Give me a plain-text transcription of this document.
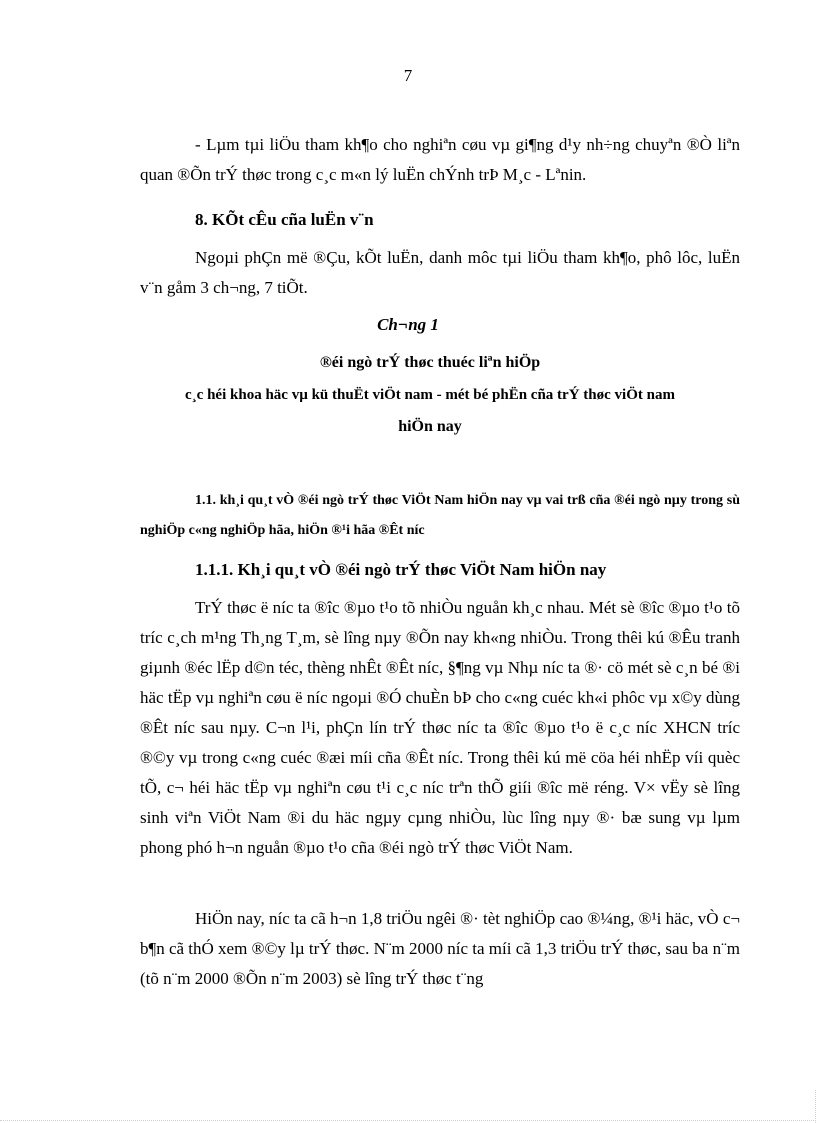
7
- Lµm tµi liÖu tham kh¶o cho nghiªn cøu vµ gi¶ng d¹y nh÷ng chuyªn ®Ò liªn quan ®Õn trÝ thøc trong c¸c m«n lý luËn chÝnh trÞ M¸c - Lªnin.
8. KÕt cÊu cña luËn v¨n
Ngoµi phÇn më ®Çu, kÕt luËn, danh môc tµi liÖu tham kh¶o, phô lôc, luËn v¨n gåm 3 ch¬ng, 7 tiÕt.
Ch¬ng 1
®éi ngò trÝ thøc thuéc liªn hiÖp
c¸c héi khoa häc vµ kü thuËt viÖt nam - mét bé phËn cña trÝ thøc viÖt nam
hiÖn nay
1.1. kh¸i qu¸t vÒ ®éi ngò trÝ thøc ViÖt Nam hiÖn nay vµ vai trß cña ®éi ngò nµy trong sù nghiÖp c«ng nghiÖp hãa, hiÖn ®¹i hãa ®Êt níc
1.1.1. Kh¸i qu¸t vÒ ®éi ngò trÝ thøc ViÖt Nam hiÖn nay
TrÝ thøc ë níc ta ®îc ®µo t¹o tõ nhiÒu nguån kh¸c nhau. Mét sè ®îc ®µo t¹o tõ tríc c¸ch m¹ng Th¸ng T¸m, sè lîng nµy ®Õn nay kh«ng nhiÒu. Trong thêi kú ®Êu tranh giµnh ®éc lËp d©n téc, thèng nhÊt ®Êt níc, §¶ng vµ Nhµ níc ta ®· cö mét sè c¸n bé ®i häc tËp vµ nghiªn cøu ë níc ngoµi ®Ó chuÈn bÞ cho c«ng cuéc kh«i phôc vµ x©y dùng ®Êt níc sau nµy. C¬n l¹i, phÇn lín trÝ thøc níc ta ®îc ®µo t¹o ë c¸c níc XHCN tríc ®©y vµ trong c«ng cuéc ®æi míi cña ®Êt níc. Trong thêi kú më cöa héi nhËp víi quèc tÕ, c¬ héi häc tËp vµ nghiªn cøu t¹i c¸c níc trªn thÕ giíi ®îc më réng. V× vËy sè lîng sinh viªn ViÖt Nam ®i du häc ngµy cµng nhiÒu, lùc lîng nµy ®· bæ sung vµ lµm phong phó h¬n nguån ®µo t¹o cña ®éi ngò trÝ thøc ViÖt Nam.
HiÖn nay, níc ta cã h¬n 1,8 triÖu ngêi ®· tèt nghiÖp cao ®¼ng, ®¹i häc, vÒ c¬ b¶n cã thÓ xem ®©y lµ trÝ thøc. N¨m 2000 níc ta míi cã 1,3 triÖu trÝ thøc, sau ba n¨m (tõ n¨m 2000 ®Õn n¨m 2003) sè lîng trÝ thøc t¨ng
